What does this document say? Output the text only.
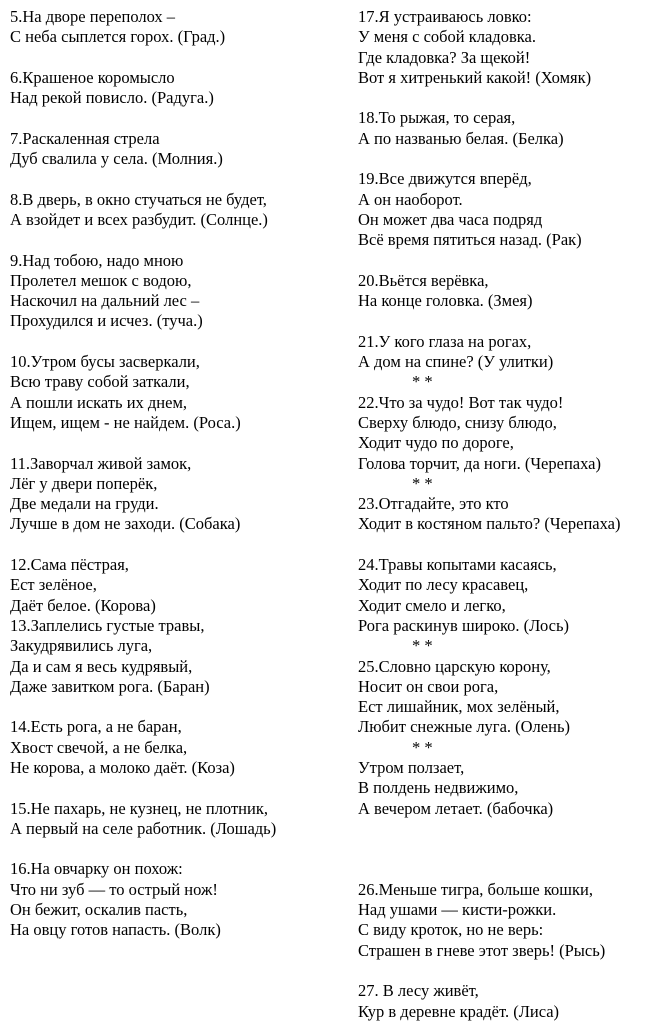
5.На дворе переполох –
С неба сыплется горох. (Град.)
6.Крашеное коромысло
Над рекой повисло. (Радуга.)
7.Раскаленная стрела
Дуб свалила у села. (Молния.)
8.В дверь, в окно стучаться не будет,
А взойдет и всех разбудит. (Солнце.)
9.Над тобою, надо мною
Пролетел мешок с водою,
Наскочил на дальний лес –
Прохудился и исчез. (туча.)
10.Утром бусы засверкали,
Всю траву собой заткали,
А пошли искать их днем,
Ищем, ищем - не найдем. (Роса.)
11.Заворчал живой замок,
Лёг у двери поперёк,
Две медали на груди.
Лучше в дом не заходи. (Собака)
12.Сама пёстрая,
Ест зелёное,
Даёт белое. (Корова)
13.Заплелись густые травы,
Закудрявились луга,
Да и сам я весь кудрявый,
Даже завитком рога. (Баран)
14.Есть рога, а не баран,
Хвост свечой, а не белка,
Не корова, а молоко даёт. (Коза)
15.Не пахарь, не кузнец, не плотник,
А первый на селе работник. (Лошадь)
16.На овчарку он похож:
Что ни зуб — то острый нож!
Он бежит, оскалив пасть,
На овцу готов напасть. (Волк)
17.Я устраиваюсь ловко:
У меня с собой кладовка.
Где кладовка? За щекой!
Вот я хитренький какой! (Хомяк)
18.То рыжая, то серая,
А по названью белая. (Белка)
19.Все движутся вперёд,
А он наоборот.
Он может два часа подряд
Всё время пятиться назад. (Рак)
20.Вьётся верёвка,
На конце головка. (Змея)
21.У кого глаза на рогах,
А дом на спине? (У улитки)
* *
22.Что за чудо! Вот так чудо!
Сверху блюдо, снизу блюдо,
Ходит чудо по дороге,
Голова торчит, да ноги. (Черепаха)
* *
23.Отгадайте, это кто
Ходит в костяном пальто? (Черепаха)
24.Травы копытами касаясь,
Ходит по лесу красавец,
Ходит смело и легко,
Рога раскинув широко. (Лось)
* *
25.Словно царскую корону,
Носит он свои рога,
Ест лишайник, мох зелёный,
Любит снежные луга. (Олень)
* *
Утром ползает,
В полдень недвижимо,
А вечером летает. (бабочка)
26.Меньше тигра, больше кошки,
Над ушами — кисти-рожки.
С виду кроток, но не верь:
Страшен в гневе этот зверь! (Рысь)
27. В лесу живёт,
Кур в деревне крадёт. (Лиса)
